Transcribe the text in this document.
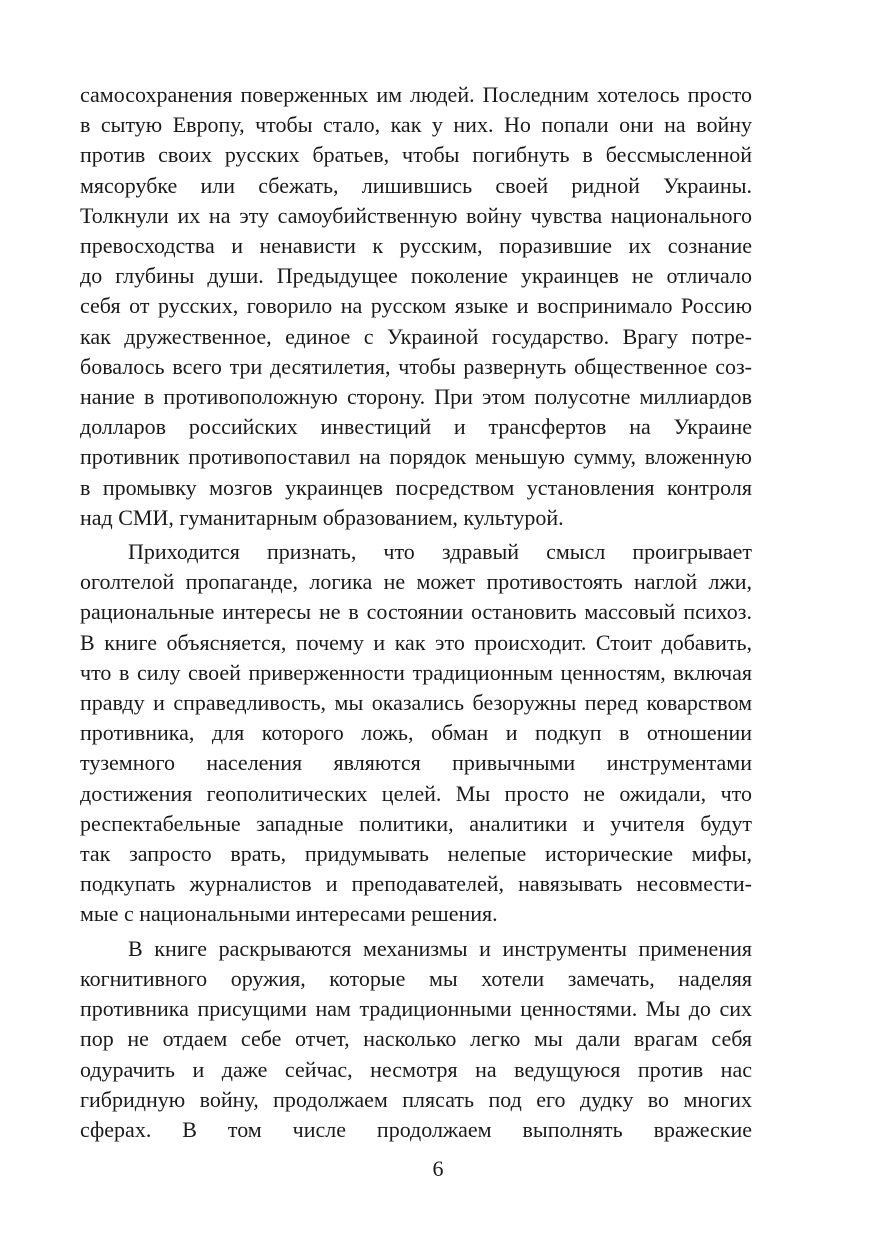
самосохранения поверженных им людей. Последним хотелось просто
в сытую Европу, чтобы стало, как у них. Но попали они на войну
против своих русских братьев, чтобы погибнуть в бессмысленной
мясорубке или сбежать, лишившись своей ридной Украины.
Толкнули их на эту самоубийственную войну чувства национального
превосходства и ненависти к русским, поразившие их сознание
до глубины души. Предыдущее поколение украинцев не отличало
себя от русских, говорило на русском языке и воспринимало Россию
как дружественное, единое с Украиной государство. Врагу потре-
бовалось всего три десятилетия, чтобы развернуть общественное соз-
нание в противоположную сторону. При этом полусотне миллиардов
долларов российских инвестиций и трансфертов на Украине
противник противопоставил на порядок меньшую сумму, вложенную
в промывку мозгов украинцев посредством установления контроля
над СМИ, гуманитарным образованием, культурой.
Приходится признать, что здравый смысл проигрывает
оголтелой пропаганде, логика не может противостоять наглой лжи,
рациональные интересы не в состоянии остановить массовый психоз.
В книге объясняется, почему и как это происходит. Стоит добавить,
что в силу своей приверженности традиционным ценностям, включая
правду и справедливость, мы оказались безоружны перед коварством
противника, для которого ложь, обман и подкуп в отношении
туземного населения являются привычными инструментами
достижения геополитических целей. Мы просто не ожидали, что
респектабельные западные политики, аналитики и учителя будут
так запросто врать, придумывать нелепые исторические мифы,
подкупать журналистов и преподавателей, навязывать несовмести-
мые с национальными интересами решения.
В книге раскрываются механизмы и инструменты применения
когнитивного оружия, которые мы хотели замечать, наделяя
противника присущими нам традиционными ценностями. Мы до сих
пор не отдаем себе отчет, насколько легко мы дали врагам себя
одурачить и даже сейчас, несмотря на ведущуюся против нас
гибридную войну, продолжаем плясать под его дудку во многих
сферах. В том числе продолжаем выполнять вражеские
6
